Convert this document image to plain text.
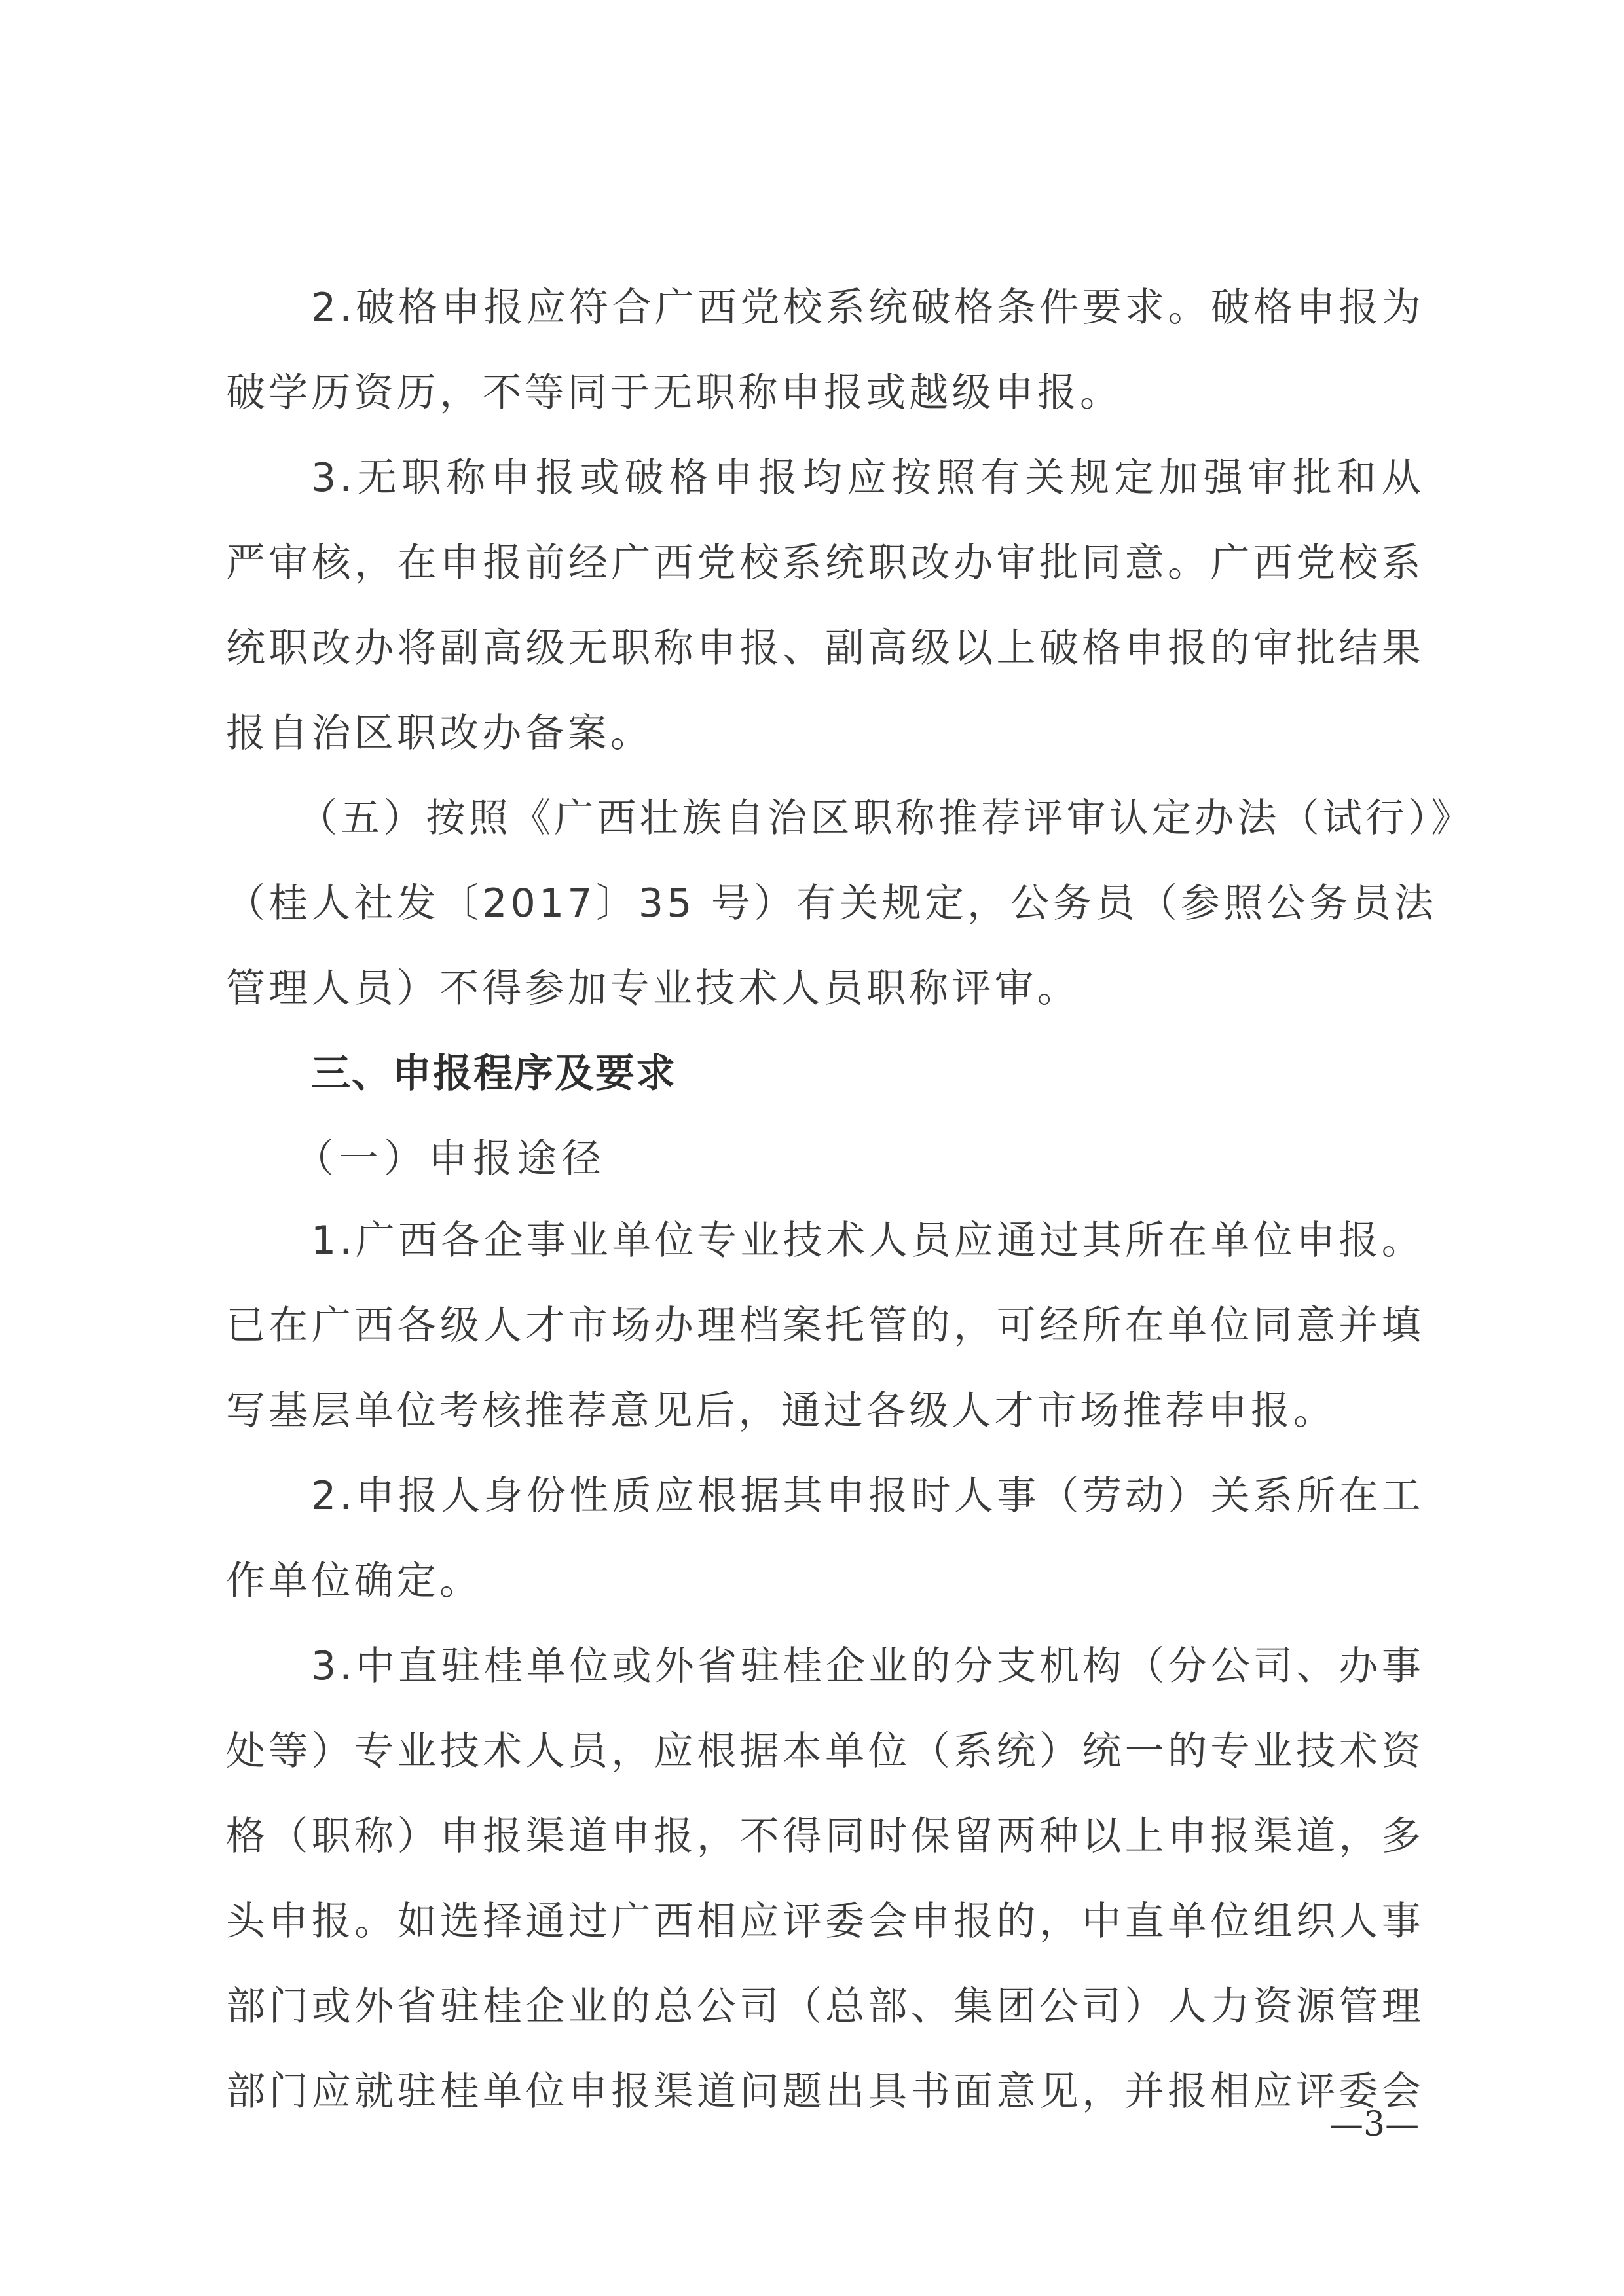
2.破格申报应符合广西党校系统破格条件要求。破格申报为
破学历资历，不等同于无职称申报或越级申报。
3.无职称申报或破格申报均应按照有关规定加强审批和从
严审核，在申报前经广西党校系统职改办审批同意。广西党校系
统职改办将副高级无职称申报、副高级以上破格申报的审批结果
报自治区职改办备案。
（五）按照《广西壮族自治区职称推荐评审认定办法（试行）》
（桂人社发〔2017〕35 号）有关规定，公务员（参照公务员法
管理人员）不得参加专业技术人员职称评审。
三、申报程序及要求
（一）申报途径
1.广西各企事业单位专业技术人员应通过其所在单位申报。
已在广西各级人才市场办理档案托管的，可经所在单位同意并填
写基层单位考核推荐意见后，通过各级人才市场推荐申报。
2.申报人身份性质应根据其申报时人事（劳动）关系所在工
作单位确定。
3.中直驻桂单位或外省驻桂企业的分支机构（分公司、办事
处等）专业技术人员，应根据本单位（系统）统一的专业技术资
格（职称）申报渠道申报，不得同时保留两种以上申报渠道，多
头申报。如选择通过广西相应评委会申报的，中直单位组织人事
部门或外省驻桂企业的总公司（总部、集团公司）人力资源管理
部门应就驻桂单位申报渠道问题出具书面意见，并报相应评委会
—3—
